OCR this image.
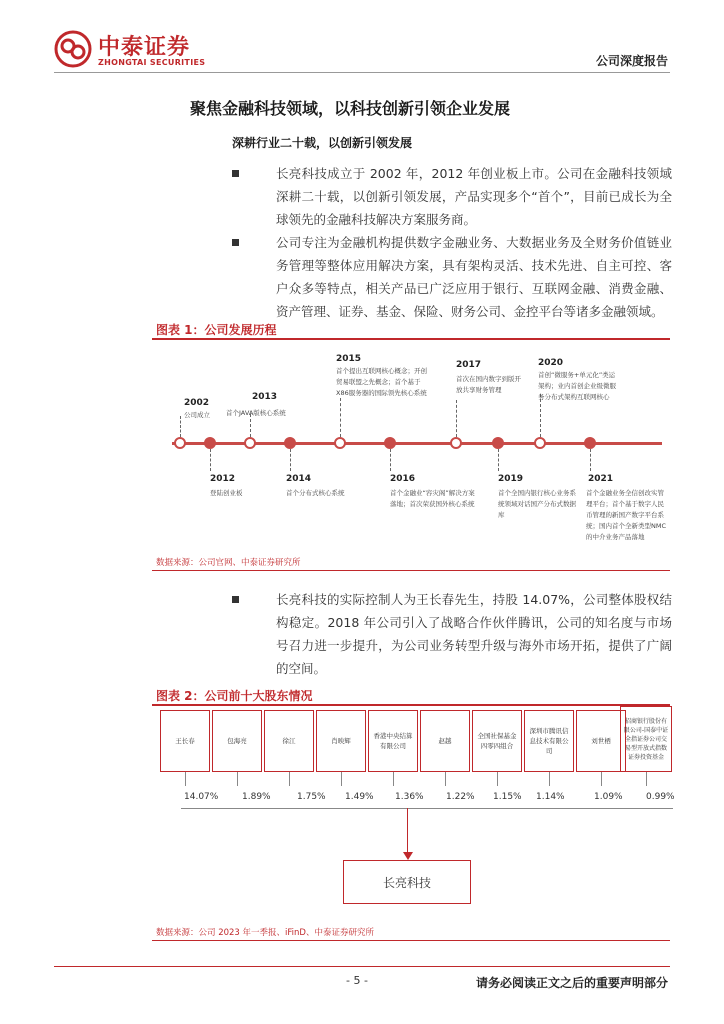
中泰证券
ZHONGTAI SECURITIES	公司深度报告
聚焦金融科技领域，以科技创新引领企业发展
深耕行业二十载，以创新引领发展
长亮科技成立于 2002 年，2012 年创业板上市。公司在金融科技领域深耕二十载，以创新引领发展，产品实现多个“首个”，目前已成长为全球领先的金融科技解决方案服务商。
公司专注为金融机构提供数字金融业务、大数据业务及全财务价值链业务管理等整体应用解决方案，具有架构灵活、技术先进、自主可控、客户众多等特点，相关产品已广泛应用于银行、互联网金融、消费金融、资产管理、证券、基金、保险、财务公司、金控平台等诸多金融领域。
图表 1：公司发展历程
2002
公司成立
2013
首个JAVA版核心系统
2015
首个提出互联网核心概念；开创贸易联盟之先概念；首个基于X86服务器的国际领先核心系统
2017
首次在国内数字到版开放共享财务管理
2020
首创“微服务+单元化”类运架构；业内首创企业级微服务分布式架构互联网核心
2012
登陆创业板
2014
首个分布式核心系统
2016
首个金融业“容灾阁”解决方案落地；首次荣获国外核心系统
2019
首个全国内银行核心业务系统领域对话国产分布式数据库
2021
首个金融业务全信创改实管理平台；首个基于数字人民币管理的新国产数字平台系统；国内首个全新类型NMC的中介业务产品落地
数据来源：公司官网、中泰证券研究所
长亮科技的实际控制人为王长春先生，持股 14.07%，公司整体股权结构稳定。2018 年公司引入了战略合作伙伴腾讯，公司的知名度与市场号召力进一步提升，为公司业务转型升级与海外市场开拓，提供了广阔的空间。
图表 2：公司前十大股东情况
王长春	包海亮	徐江	肖映辉
香港中央结算有限公司
赵越
全国社保基金四零四组合
深圳市腾讯信息技术有限公司
刘世栖
招商银行股份有限公司-国泰中证全指证券公司交易型开放式指数证券投资基金
14.07%	1.89%	1.75% 1.49% 1.36% 1.22% 1.15% 1.14%	1.09%	0.99%
长亮科技
数据来源：公司 2023 年一季报、iFinD、中泰证券研究所
- 5 -	请务必阅读正文之后的重要声明部分
